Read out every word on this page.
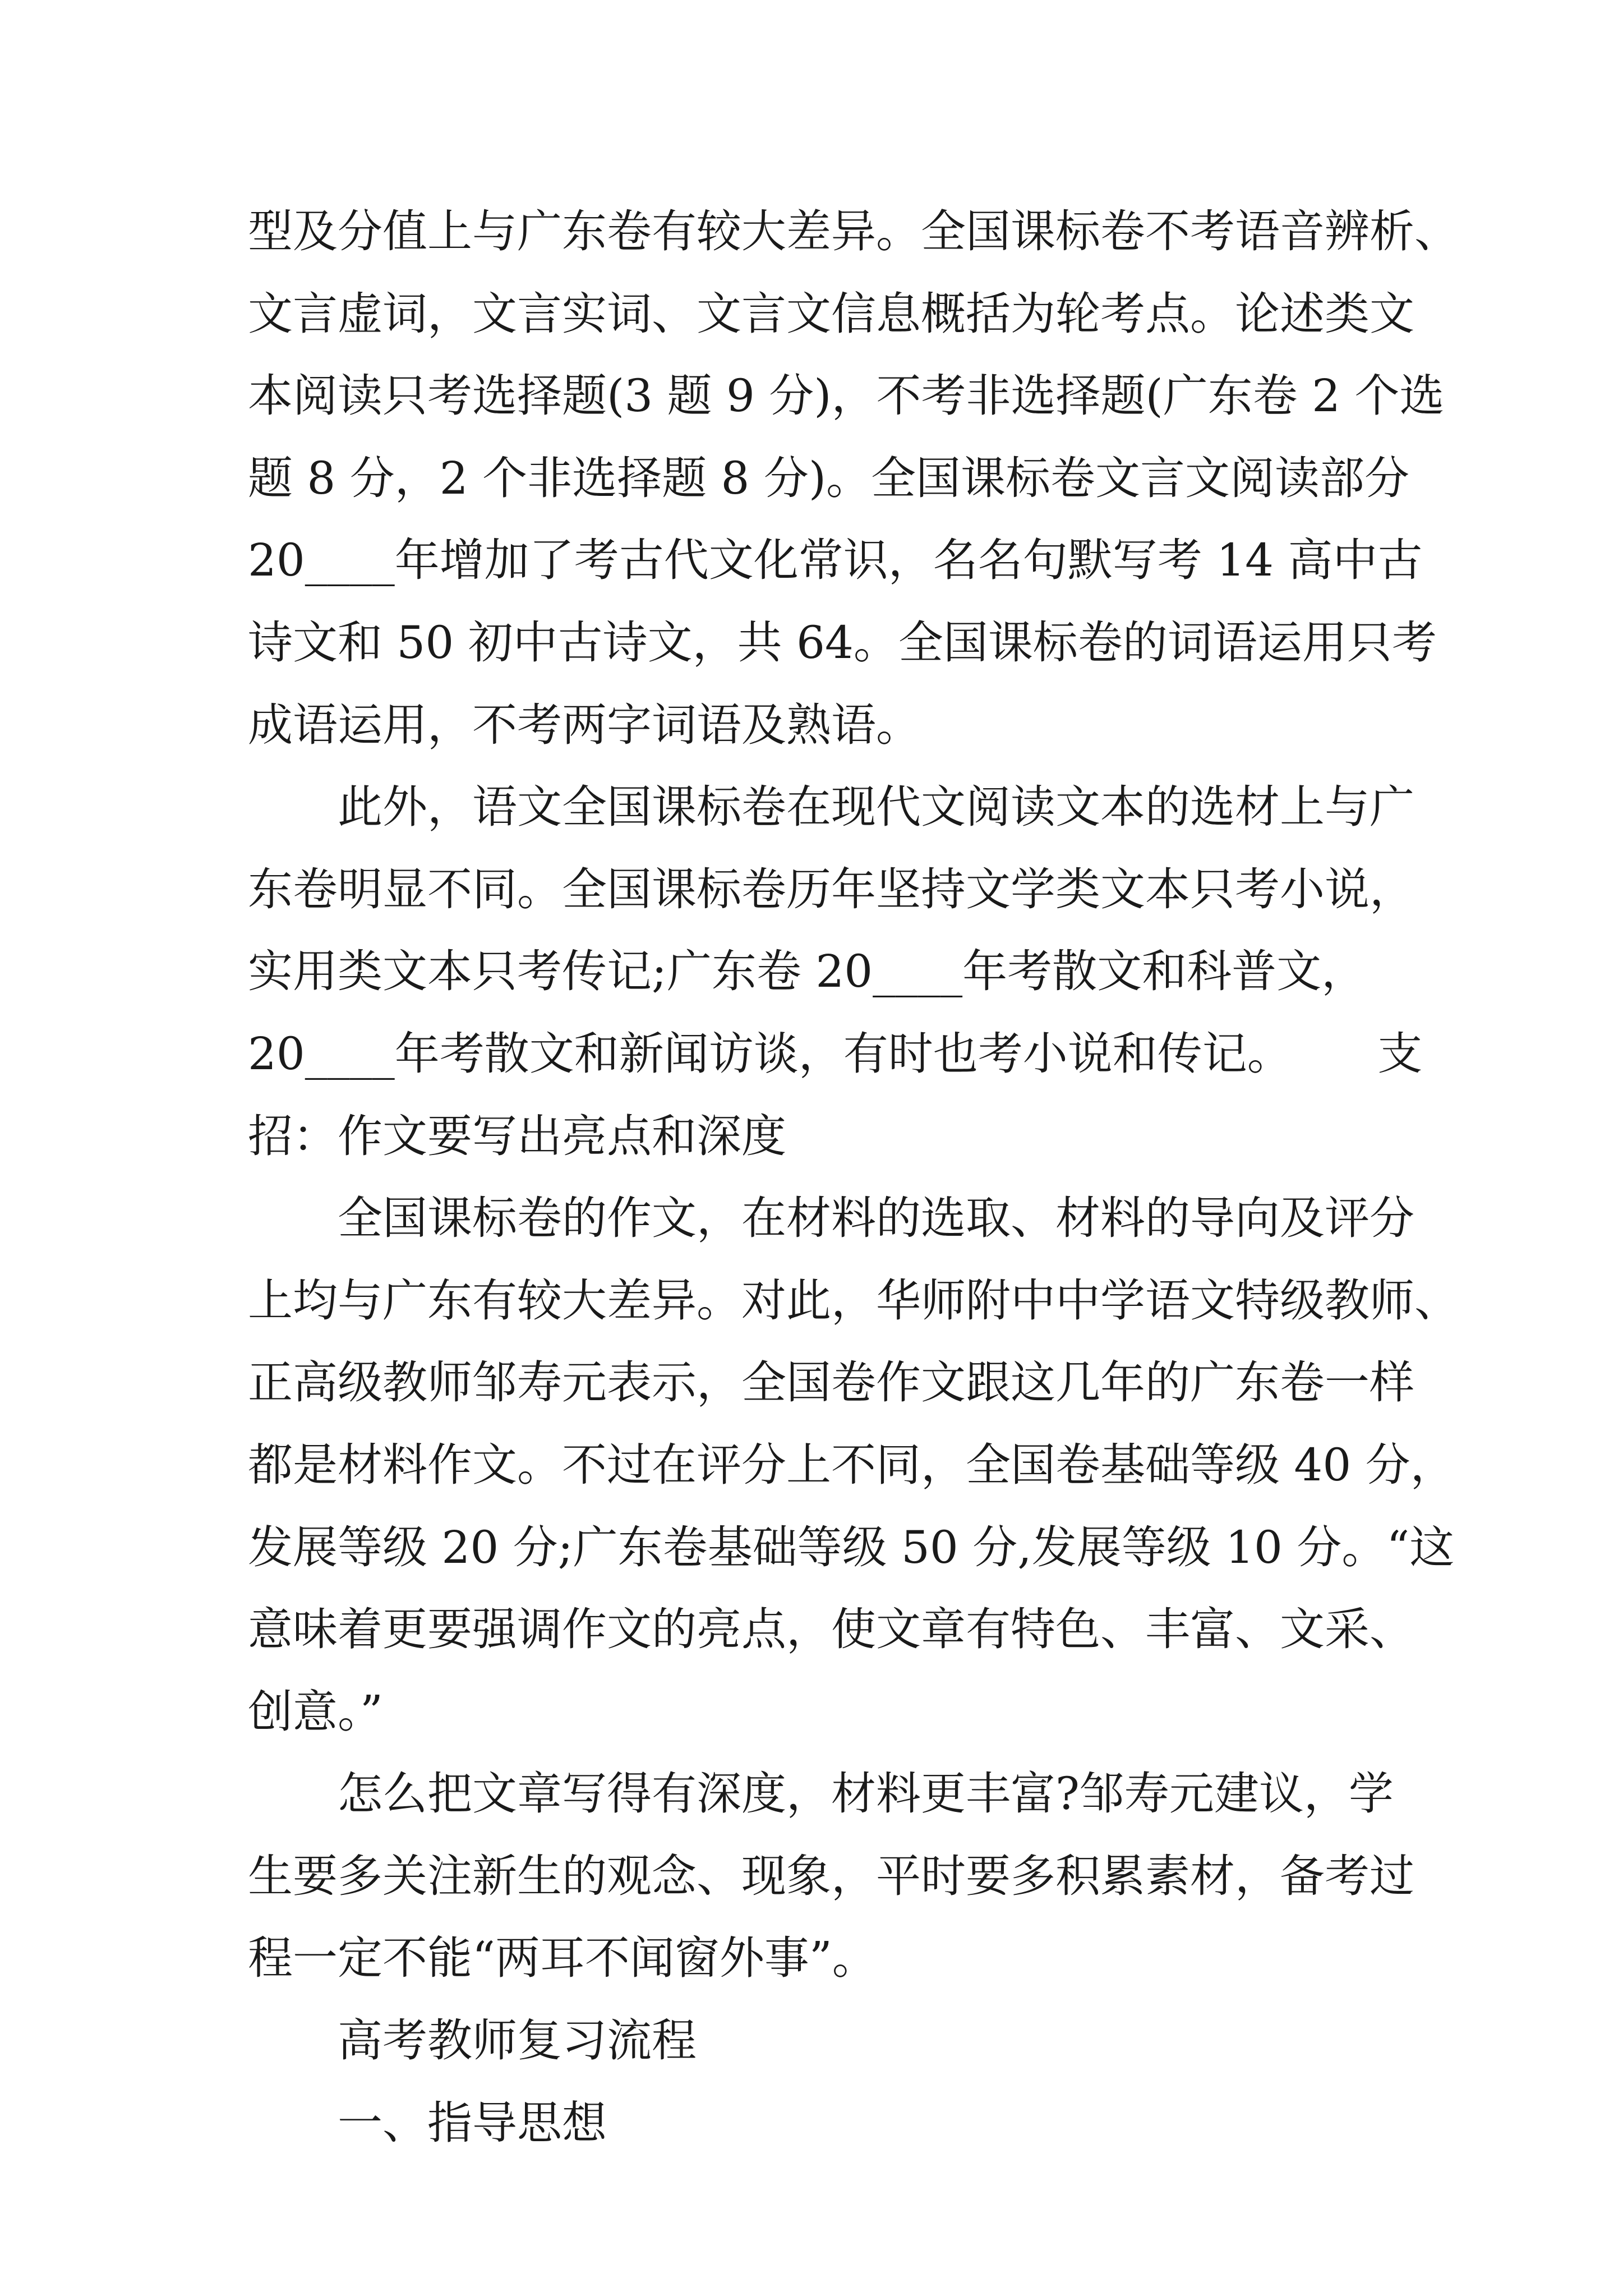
型及分值上与广东卷有较大差异。全国课标卷不考语音辨析、
文言虚词，文言实词、文言文信息概括为轮考点。论述类文
本阅读只考选择题(3 题 9 分)，不考非选择题(广东卷 2 个选
题 8 分，2 个非选择题 8 分)。全国课标卷文言文阅读部分
20____年增加了考古代文化常识，名名句默写考 14 高中古
诗文和 50 初中古诗文，共 64。全国课标卷的词语运用只考
成语运用，不考两字词语及熟语。
此外，语文全国课标卷在现代文阅读文本的选材上与广
东卷明显不同。全国课标卷历年坚持文学类文本只考小说，
实用类文本只考传记;广东卷 20____年考散文和科普文，
20____年考散文和新闻访谈，有时也考小说和传记。      支
招：作文要写出亮点和深度
全国课标卷的作文，在材料的选取、材料的导向及评分
上均与广东有较大差异。对此，华师附中中学语文特级教师、
正高级教师邹寿元表示，全国卷作文跟这几年的广东卷一样
都是材料作文。不过在评分上不同，全国卷基础等级 40 分，
发展等级 20 分;广东卷基础等级 50 分,发展等级 10 分。“这
意味着更要强调作文的亮点，使文章有特色、丰富、文采、
创意。”
怎么把文章写得有深度，材料更丰富?邹寿元建议，学
生要多关注新生的观念、现象，平时要多积累素材，备考过
程一定不能“两耳不闻窗外事”。
高考教师复习流程
一、指导思想
